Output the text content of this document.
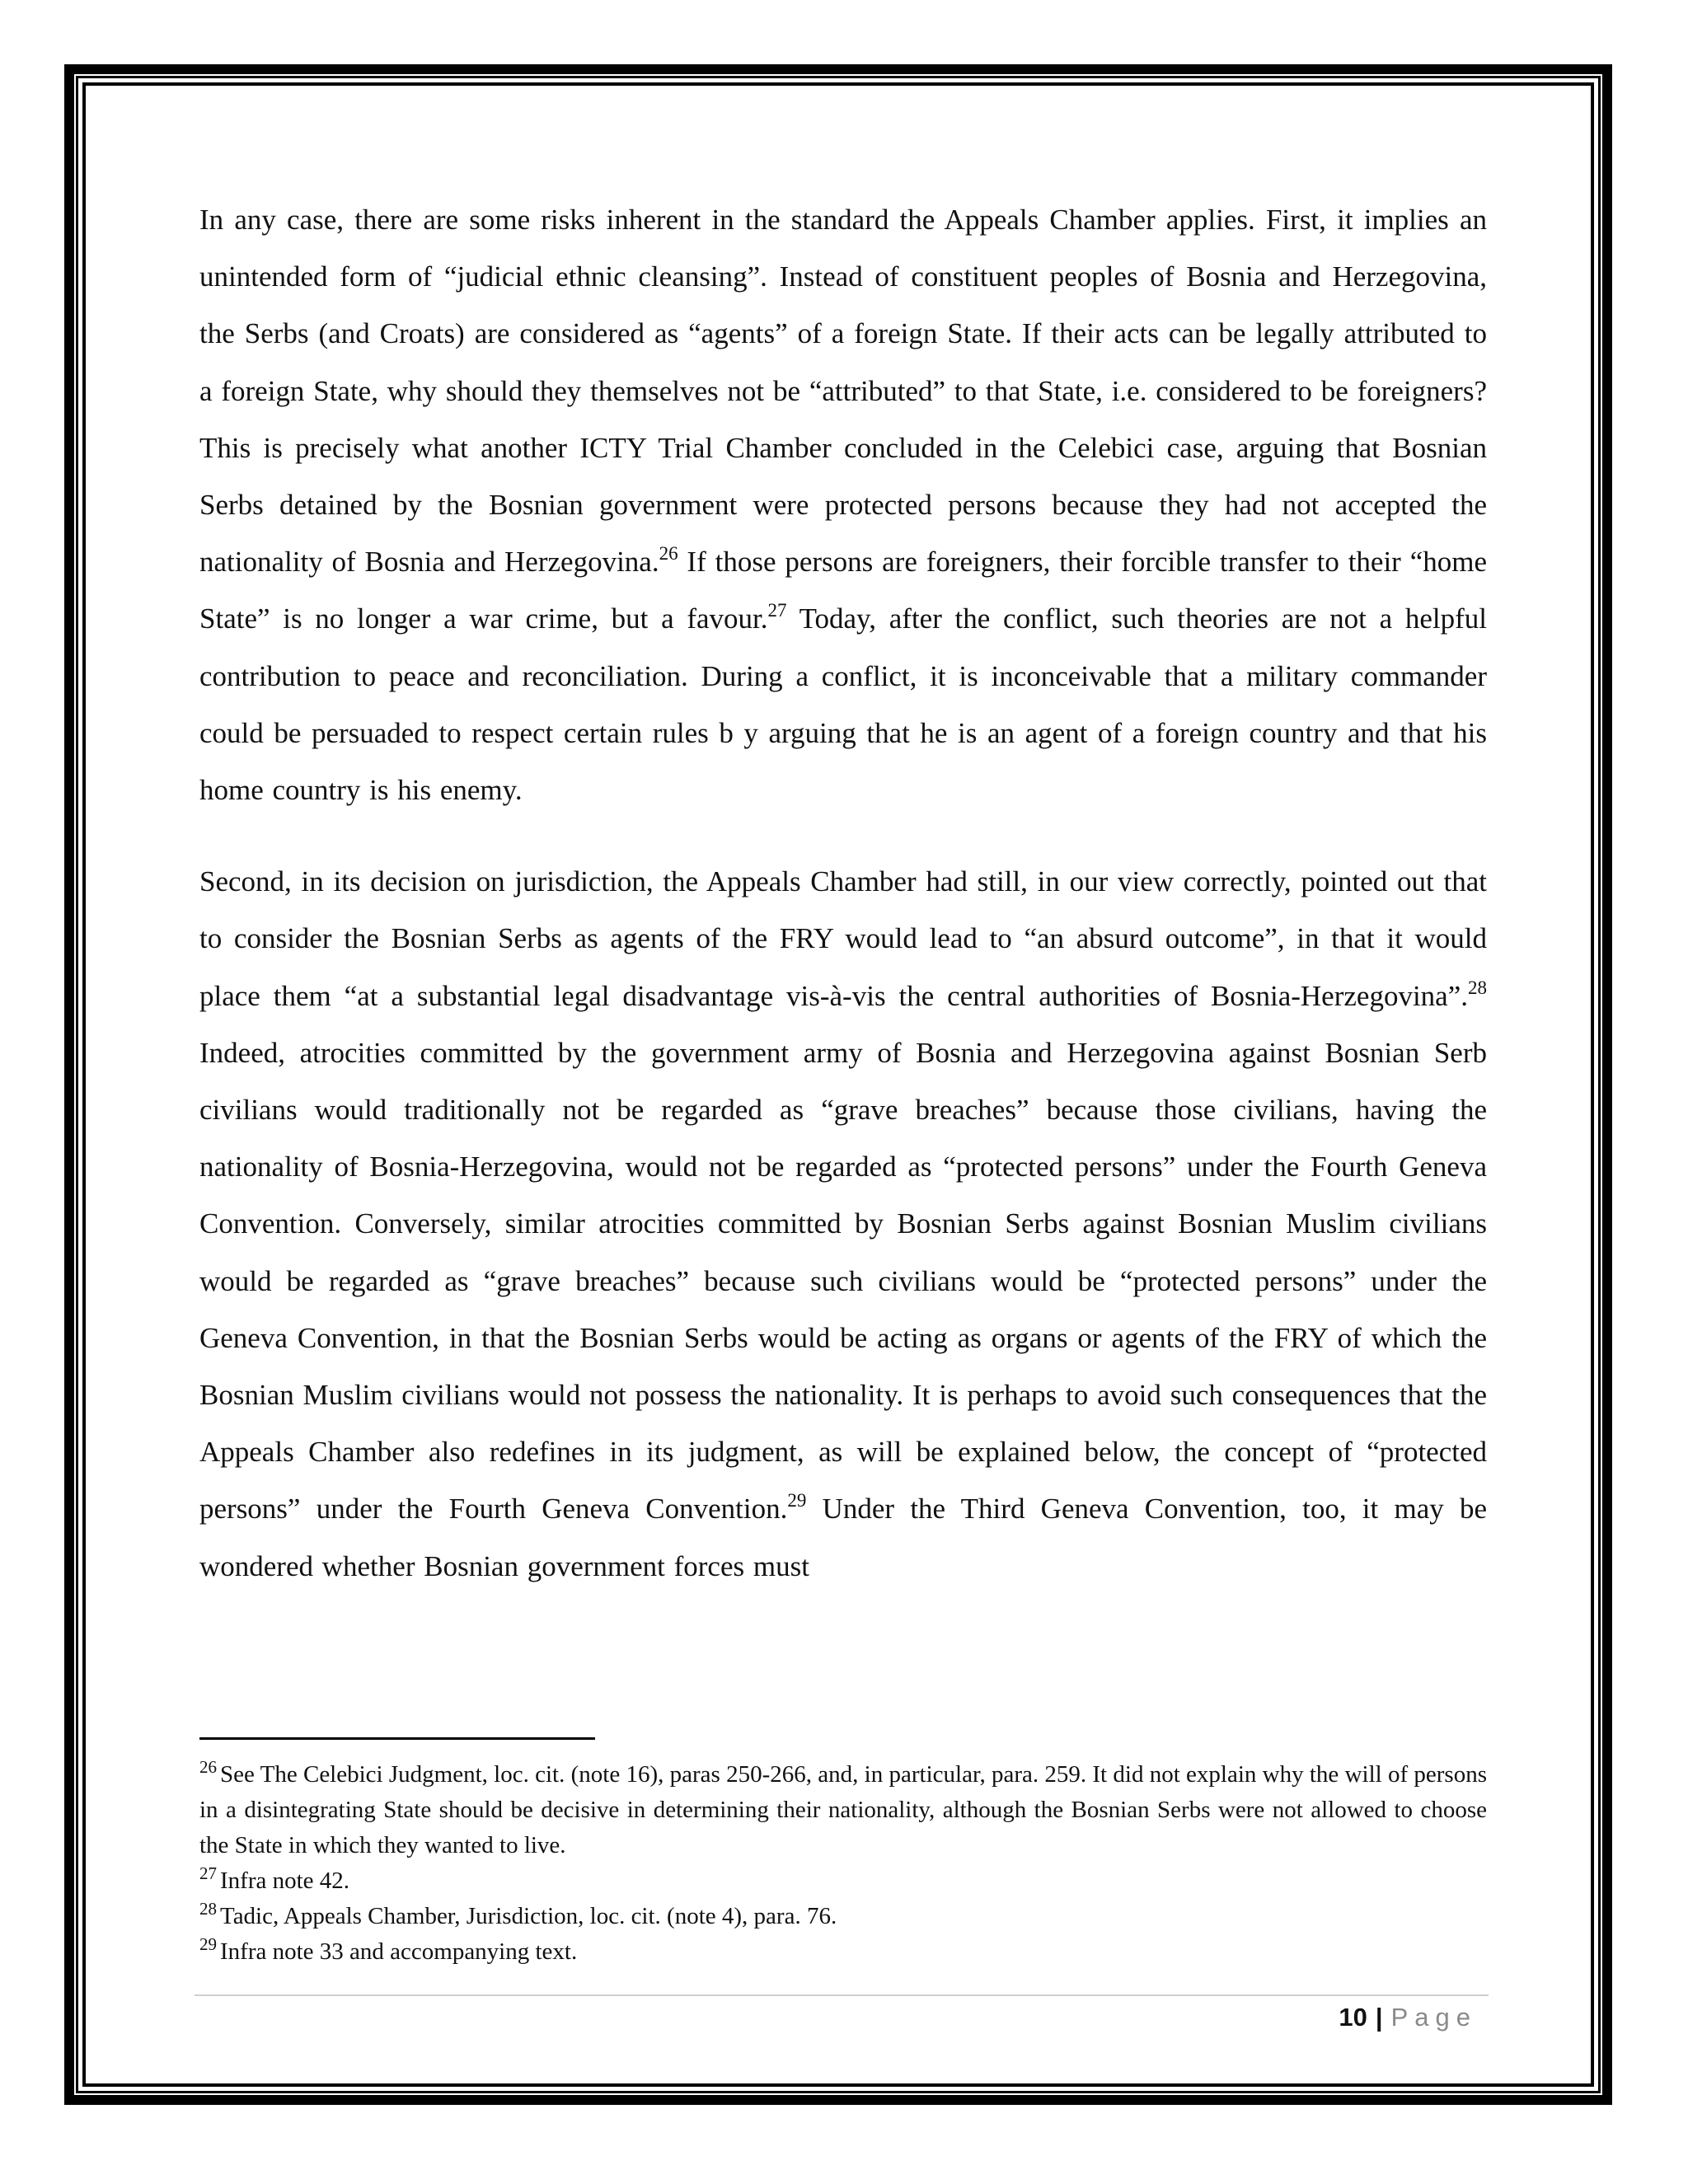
In any case, there are some risks inherent in the standard the Appeals Chamber applies. First, it implies an unintended form of “judicial ethnic cleansing”. Instead of constituent peoples of Bosnia and Herzegovina, the Serbs (and Croats) are considered as “agents” of a foreign State. If their acts can be legally attributed to a foreign State, why should they themselves not be “attributed” to that State, i.e. considered to be foreigners? This is precisely what another ICTY Trial Chamber concluded in the Celebici case, arguing that Bosnian Serbs detained by the Bosnian government were protected persons because they had not accepted the nationality of Bosnia and Herzegovina.$^{26}$ If those persons are foreigners, their forcible transfer to their “home State” is no longer a war crime, but a favour.$^{27}$ Today, after the conflict, such theories are not a helpful contribution to peace and reconciliation. During a conflict, it is inconceivable that a military commander could be persuaded to respect certain rules b y arguing that he is an agent of a foreign country and that his home country is his enemy.

Second, in its decision on jurisdiction, the Appeals Chamber had still, in our view correctly, pointed out that to consider the Bosnian Serbs as agents of the FRY would lead to “an absurd outcome”, in that it would place them “at a substantial legal disadvantage vis-à-vis the central authorities of Bosnia-Herzegovina”.$^{28}$ Indeed, atrocities committed by the government army of Bosnia and Herzegovina against Bosnian Serb civilians would traditionally not be regarded as “grave breaches” because those civilians, having the nationality of Bosnia-Herzegovina, would not be regarded as “protected persons” under the Fourth Geneva Convention. Conversely, similar atrocities committed by Bosnian Serbs against Bosnian Muslim civilians would be regarded as “grave breaches” because such civilians would be “protected persons” under the Geneva Convention, in that the Bosnian Serbs would be acting as organs or agents of the FRY of which the Bosnian Muslim civilians would not possess the nationality. It is perhaps to avoid such consequences that the Appeals Chamber also redefines in its judgment, as will be explained below, the concept of “protected persons” under the Fourth Geneva Convention.$^{29}$ Under the Third Geneva Convention, too, it may be wondered whether Bosnian government forces must

$^{26}$ See The Celebici Judgment, loc. cit. (note 16), paras 250-266, and, in particular, para. 259. It did not explain why the will of persons in a disintegrating State should be decisive in determining their nationality, although the Bosnian Serbs were not allowed to choose the State in which they wanted to live.

$^{27}$ Infra note 42.

$^{28}$ Tadic, Appeals Chamber, Jurisdiction, loc. cit. (note 4), para. 76.

$^{29}$ Infra note 33 and accompanying text.

10 | Page
